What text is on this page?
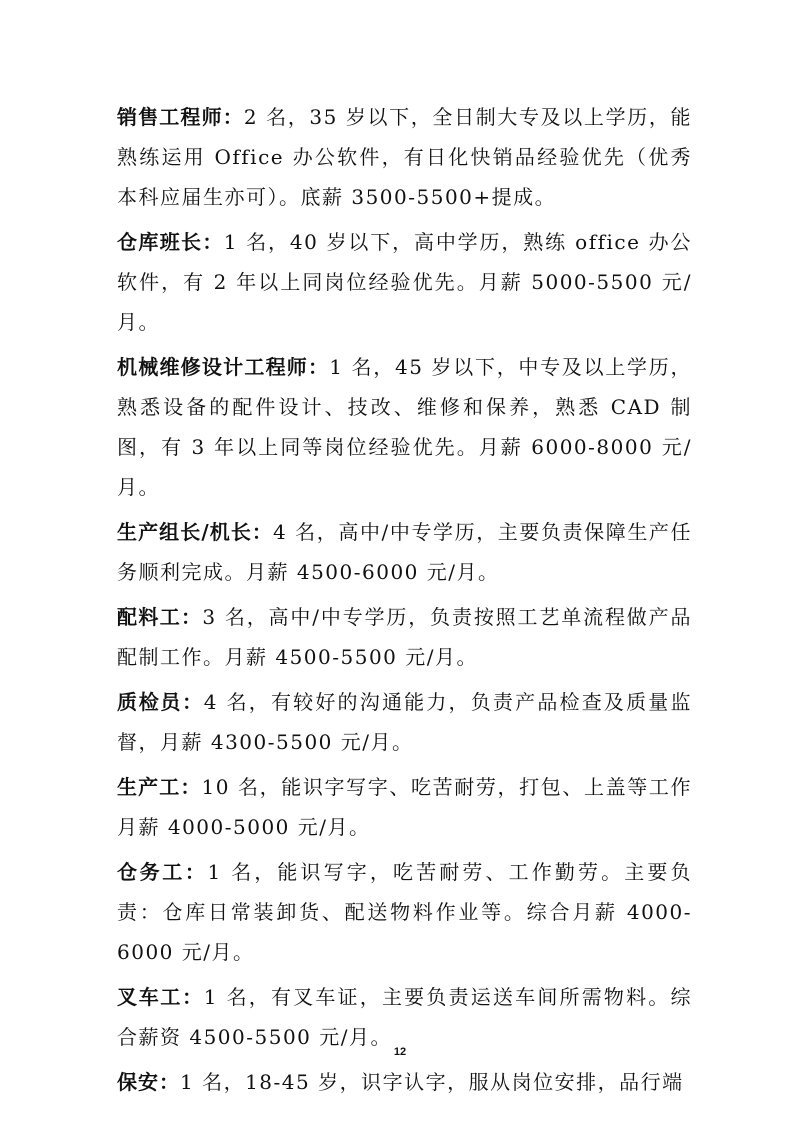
销售工程师：2 名，35 岁以下，全日制大专及以上学历，能熟练运用 Office 办公软件，有日化快销品经验优先（优秀本科应届生亦可）。底薪 3500-5500+提成。

仓库班长：1 名，40 岁以下，高中学历，熟练 office 办公软件，有 2 年以上同岗位经验优先。月薪 5000-5500 元/月。

机械维修设计工程师：1 名，45 岁以下，中专及以上学历，熟悉设备的配件设计、技改、维修和保养，熟悉 CAD 制图，有 3 年以上同等岗位经验优先。月薪 6000-8000 元/月。

生产组长/机长：4 名，高中/中专学历，主要负责保障生产任务顺利完成。月薪 4500-6000 元/月。

配料工：3 名，高中/中专学历，负责按照工艺单流程做产品配制工作。月薪 4500-5500 元/月。

质检员：4 名，有较好的沟通能力，负责产品检查及质量监督，月薪 4300-5500 元/月。

生产工：10 名，能识字写字、吃苦耐劳，打包、上盖等工作月薪 4000-5000 元/月。

仓务工：1 名，能识写字，吃苦耐劳、工作勤劳。主要负责：仓库日常装卸货、配送物料作业等。综合月薪 4000-6000 元/月。

叉车工：1 名，有叉车证，主要负责运送车间所需物料。综合薪资 4500-5500 元/月。

保安：1 名，18-45 岁，识字认字，服从岗位安排，品行端

12
